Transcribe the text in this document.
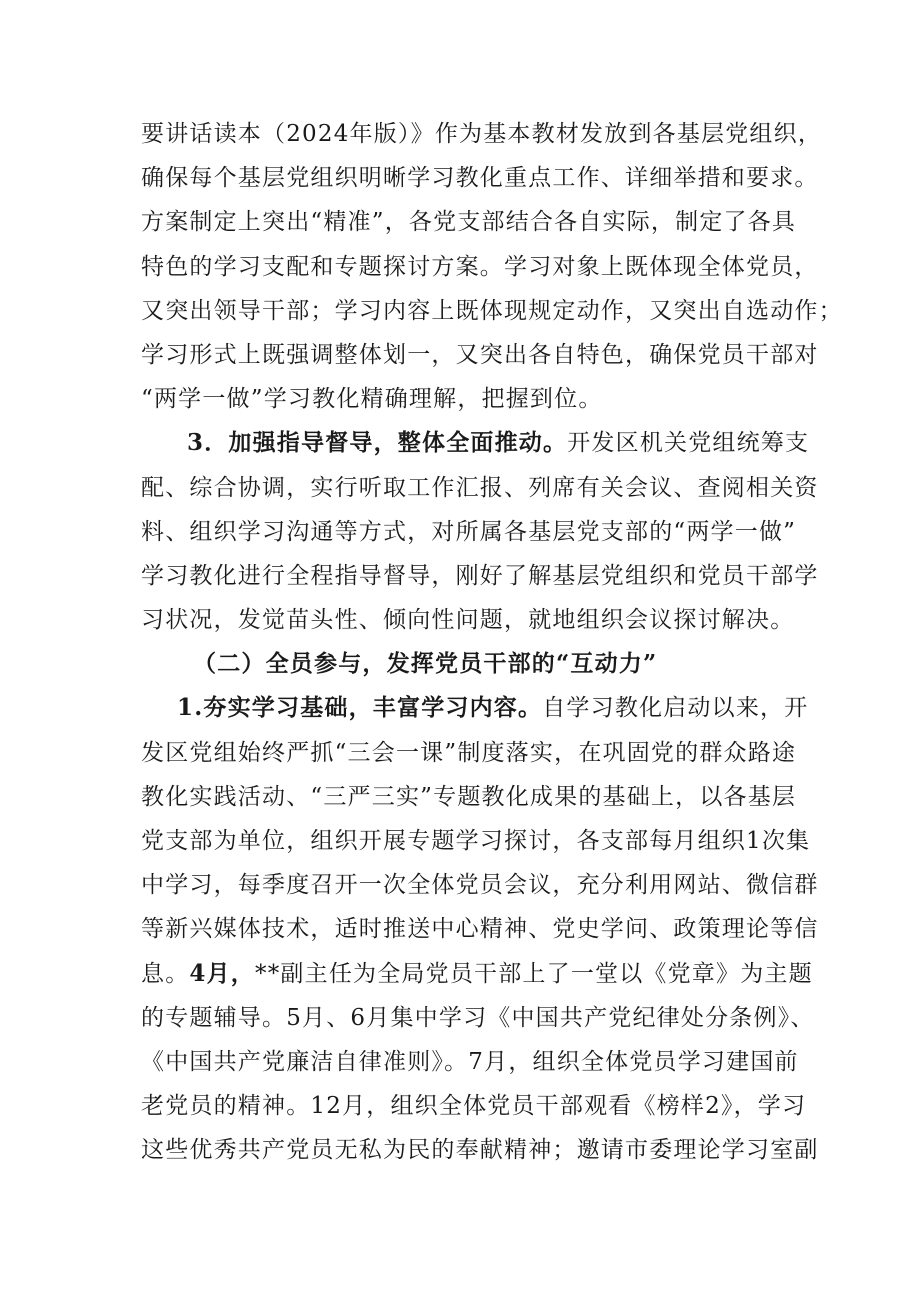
要讲话读本（2024年版）》作为基本教材发放到各基层党组织，
确保每个基层党组织明晰学习教化重点工作、详细举措和要求。
方案制定上突出“精准”，各党支部结合各自实际，制定了各具
特色的学习支配和专题探讨方案。学习对象上既体现全体党员，
又突出领导干部；学习内容上既体现规定动作，又突出自选动作；
学习形式上既强调整体划一，又突出各自特色，确保党员干部对
“两学一做”学习教化精确理解，把握到位。
3．加强指导督导，整体全面推动。开发区机关党组统筹支
配、综合协调，实行听取工作汇报、列席有关会议、查阅相关资
料、组织学习沟通等方式，对所属各基层党支部的“两学一做”
学习教化进行全程指导督导，刚好了解基层党组织和党员干部学
习状况，发觉苗头性、倾向性问题，就地组织会议探讨解决。
（二）全员参与，发挥党员干部的“互动力”
1.夯实学习基础，丰富学习内容。自学习教化启动以来，开
发区党组始终严抓“三会一课”制度落实，在巩固党的群众路途
教化实践活动、“三严三实”专题教化成果的基础上，以各基层
党支部为单位，组织开展专题学习探讨，各支部每月组织1次集
中学习，每季度召开一次全体党员会议，充分利用网站、微信群
等新兴媒体技术，适时推送中心精神、党史学问、政策理论等信
息。4月，**副主任为全局党员干部上了一堂以《党章》为主题
的专题辅导。5月、6月集中学习《中国共产党纪律处分条例》、
《中国共产党廉洁自律准则》。7月，组织全体党员学习建国前
老党员的精神。12月，组织全体党员干部观看《榜样2》，学习
这些优秀共产党员无私为民的奉献精神；邀请市委理论学习室副
